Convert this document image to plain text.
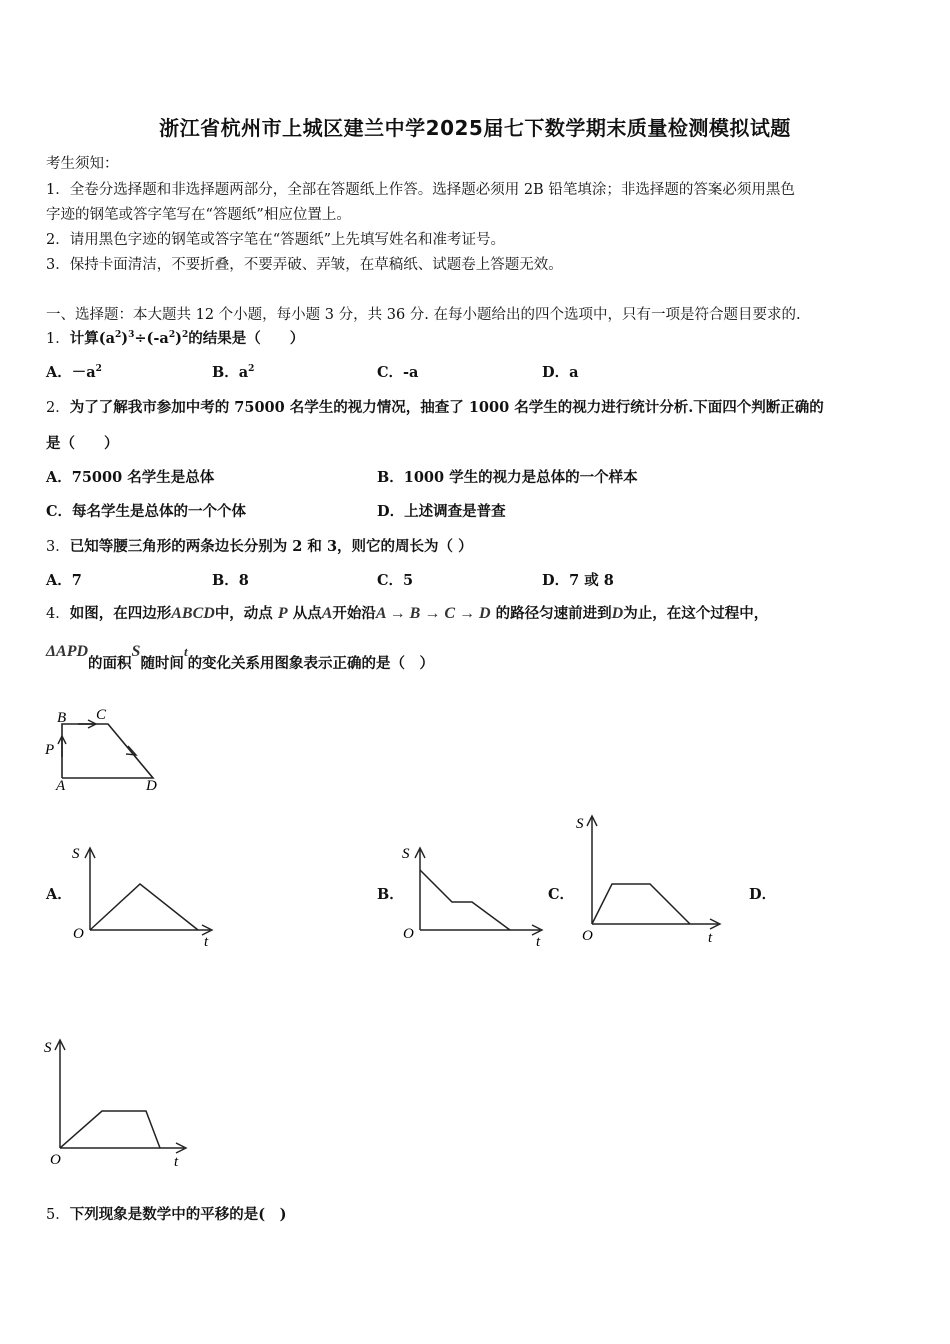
浙江省杭州市上城区建兰中学2025届七下数学期末质量检测模拟试题
考生须知：
1．全卷分选择题和非选择题两部分，全部在答题纸上作答。选择题必须用 2B 铅笔填涂；非选择题的答案必须用黑色
字迹的钢笔或答字笔写在“答题纸”相应位置上。
2．请用黑色字迹的钢笔或答字笔在“答题纸”上先填写姓名和准考证号。
3．保持卡面清洁，不要折叠，不要弄破、弄皱，在草稿纸、试题卷上答题无效。
一、选择题：本大题共 12 个小题，每小题 3 分，共 36 分. 在每小题给出的四个选项中，只有一项是符合题目要求的.
1．计算$(a^2)^3\div(-a^2)^2$的结果是（　　）
A．$-a^2$	B．$a^2$	C．-a	D．a
2．为了了解我市参加中考的 75000 名学生的视力情况，抽查了 1000 名学生的视力进行统计分析.下面四个判断正确的
是（　　）
A．75000 名学生是总体	B．1000 学生的视力是总体的一个样本
C．每名学生是总体的一个个体	D．上述调查是普查
3．已知等腰三角形的两条边长分别为 2 和 3，则它的周长为（ ）
A．7	B．8	C．5	D．7 或 8
4．如图，在四边形ABCD中，动点 P 从点A开始沿A → B → C → D 的路径匀速前进到D为止，在这个过程中，
ΔAPD的面积S随时间t的变化关系用图象表示正确的是（　）
B C
P
A	D
A．	B．	C．	D．
S
O	t
S
O	t
S
O	t
S
O	t
5．下列现象是数学中的平移的是(　)
